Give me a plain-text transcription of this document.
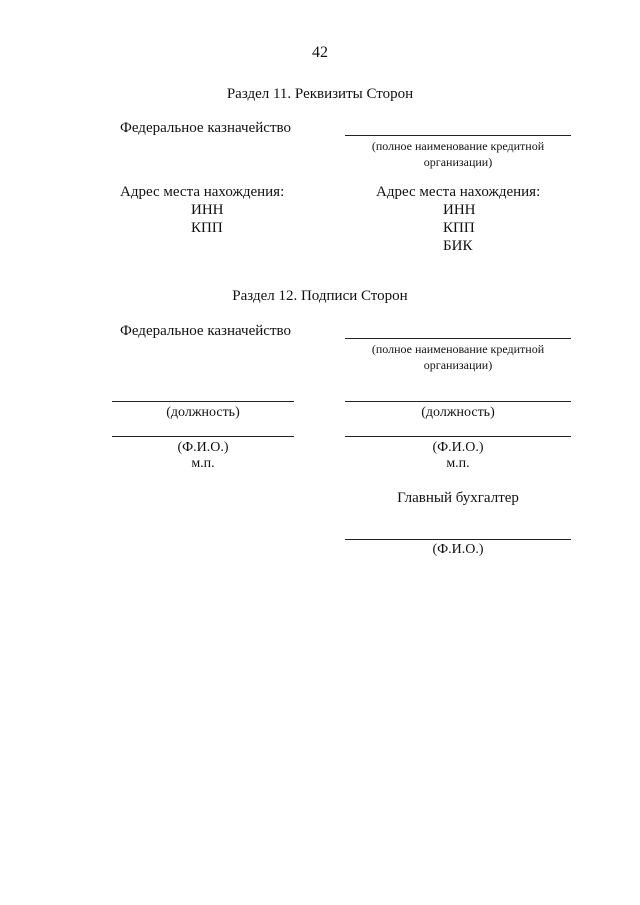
42
Раздел 11. Реквизиты Сторон
Федеральное казначейство
(полное наименование кредитной организации)
Адрес места нахождения:
ИНН
КПП
Адрес места нахождения:
ИНН
КПП
БИК
Раздел 12. Подписи Сторон
Федеральное казначейство
(полное наименование кредитной организации)
(должность)	(должность)
(Ф.И.О.)
м.п.
(Ф.И.О.)
м.п.
Главный бухгалтер
(Ф.И.О.)
